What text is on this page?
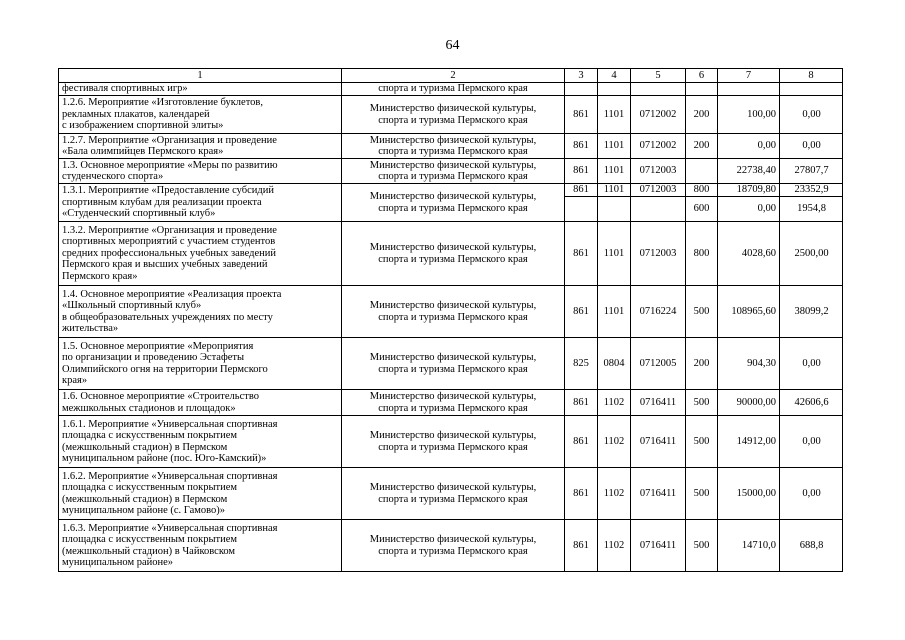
64
1	2	3	4	5	6	7	8
фестиваля спортивных игр»	спорта и туризма Пермского края						
1.2.6. Мероприятие «Изготовление буклетов,
рекламных плакатов, календарей
с изображением спортивной элиты»	Министерство физической культуры,
спорта и туризма Пермского края	861	1101	0712002	200	100,00	0,00
1.2.7. Мероприятие «Организация и проведение
«Бала олимпийцев Пермского края»	Министерство физической культуры,
спорта и туризма Пермского края	861	1101	0712002	200	0,00	0,00
1.3. Основное мероприятие «Меры по развитию
студенческого спорта»	Министерство физической культуры,
спорта и туризма Пермского края	861	1101	0712003		22738,40	27807,7
1.3.1. Мероприятие «Предоставление субсидий
спортивным клубам для реализации проекта
«Студенческий спортивный клуб»	Министерство физической культуры,
спорта и туризма Пермского края	861	1101	0712003	800	18709,80	23352,9
					600	0,00	1954,8
1.3.2. Мероприятие «Организация и проведение
спортивных мероприятий с участием студентов
средних профессиональных учебных заведений
Пермского края и высших учебных заведений
Пермского края»	Министерство физической культуры,
спорта и туризма Пермского края	861	1101	0712003	800	4028,60	2500,00
1.4. Основное мероприятие «Реализация проекта
«Школьный спортивный клуб»
в общеобразовательных учреждениях по месту
жительства»	Министерство физической культуры,
спорта и туризма Пермского края	861	1101	0716224	500	108965,60	38099,2
1.5. Основное мероприятие «Мероприятия
по организации и проведению Эстафеты
Олимпийского огня на территории Пермского
края»	Министерство физической культуры,
спорта и туризма Пермского края	825	0804	0712005	200	904,30	0,00
1.6. Основное мероприятие «Строительство
межшкольных стадионов и площадок»	Министерство физической культуры,
спорта и туризма Пермского края	861	1102	0716411	500	90000,00	42606,6
1.6.1. Мероприятие «Универсальная спортивная
площадка с искусственным покрытием
(межшкольный стадион) в Пермском
муниципальном районе (пос. Юго-Камский)»	Министерство физической культуры,
спорта и туризма Пермского края	861	1102	0716411	500	14912,00	0,00
1.6.2. Мероприятие «Универсальная спортивная
площадка с искусственным покрытием
(межшкольный стадион) в Пермском
муниципальном районе (с. Гамово)»	Министерство физической культуры,
спорта и туризма Пермского края	861	1102	0716411	500	15000,00	0,00
1.6.3. Мероприятие «Универсальная спортивная
площадка с искусственным покрытием
(межшкольный стадион) в Чайковском
муниципальном районе»	Министерство физической культуры,
спорта и туризма Пермского края	861	1102	0716411	500	14710,0	688,8
